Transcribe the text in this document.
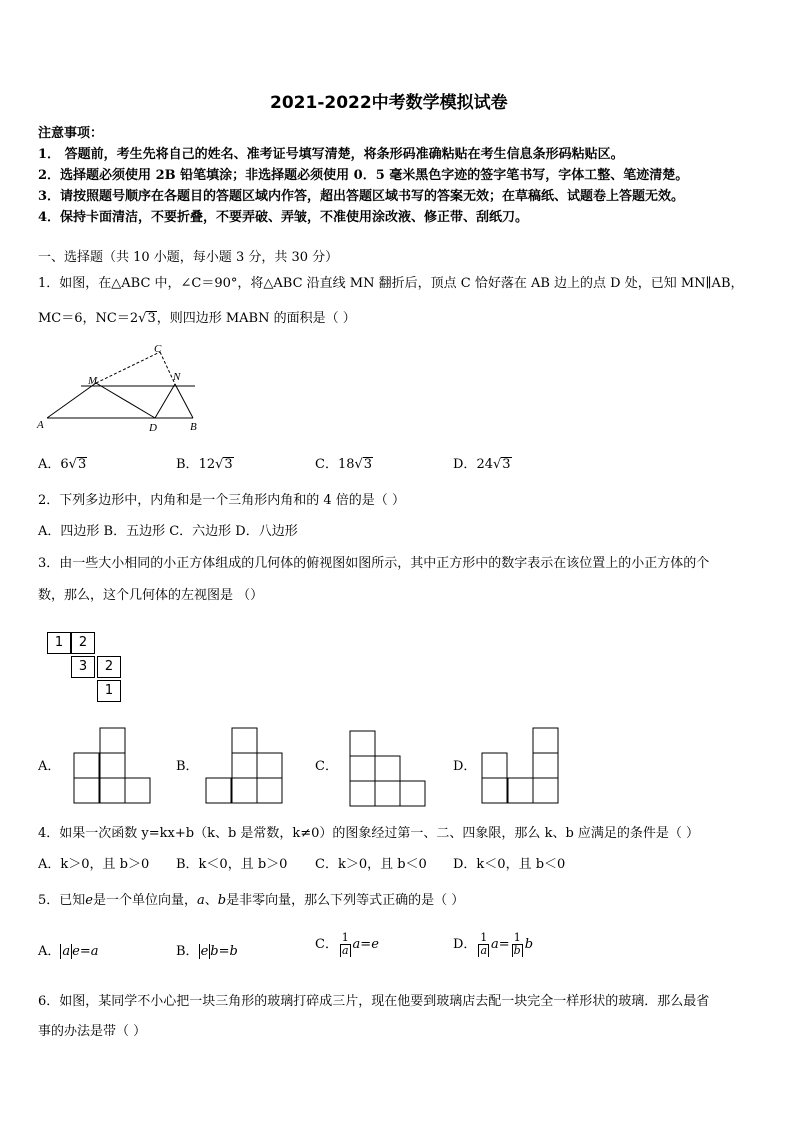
2021-2022中考数学模拟试卷
注意事项：
1． 答题前，考生先将自己的姓名、准考证号填写清楚，将条形码准确粘贴在考生信息条形码粘贴区。
2．选择题必须使用 2B 铅笔填涂；非选择题必须使用 0．5 毫米黑色字迹的签字笔书写，字体工整、笔迹清楚。
3．请按照题号顺序在各题目的答题区域内作答，超出答题区域书写的答案无效；在草稿纸、试题卷上答题无效。
4．保持卡面清洁，不要折叠，不要弄破、弄皱，不准使用涂改液、修正带、刮纸刀。
一、选择题（共 10 小题，每小题 3 分，共 30 分）
1．如图，在△ABC 中，∠C＝90°，将△ABC 沿直线 MN 翻折后，顶点 C 恰好落在 AB 边上的点 D 处，已知 MN∥AB，
MC＝6，NC＝2√3，则四边形 MABN 的面积是（ ）
C
M	N
A	D	B
A．6√3	B．12√3	C．18√3	D．24√3
2．下列多边形中，内角和是一个三角形内角和的 4 倍的是（ ）
A．四边形 B．五边形 C．六边形 D．八边形
3．由一些大小相同的小正方体组成的几何体的俯视图如图所示，其中正方形中的数字表示在该位置上的小正方体的个
数，那么，这个几何体的左视图是 （）
1	2
3	2
1
A．	B．	C．	D．
4．如果一次函数 y=kx+b（k、b 是常数，k≠0）的图象经过第一、二、四象限，那么 k、b 应满足的条件是（ ）
A．k＞0，且 b＞0 B．k＜0，且 b＞0 C．k＞0，且 b＜0 D．k＜0，且 b＜0
5．已知e是一个单位向量，a、b是非零向量，那么下列等式正确的是（ ）
A． a e=a	B． e b=b	C． $\frac{1}{a} a=e$	D． $\frac{1}{a} a= \frac{1}{b}$ b
6．如图，某同学不小心把一块三角形的玻璃打碎成三片，现在他要到玻璃店去配一块完全一样形状的玻璃．那么最省
事的办法是带（ ）
